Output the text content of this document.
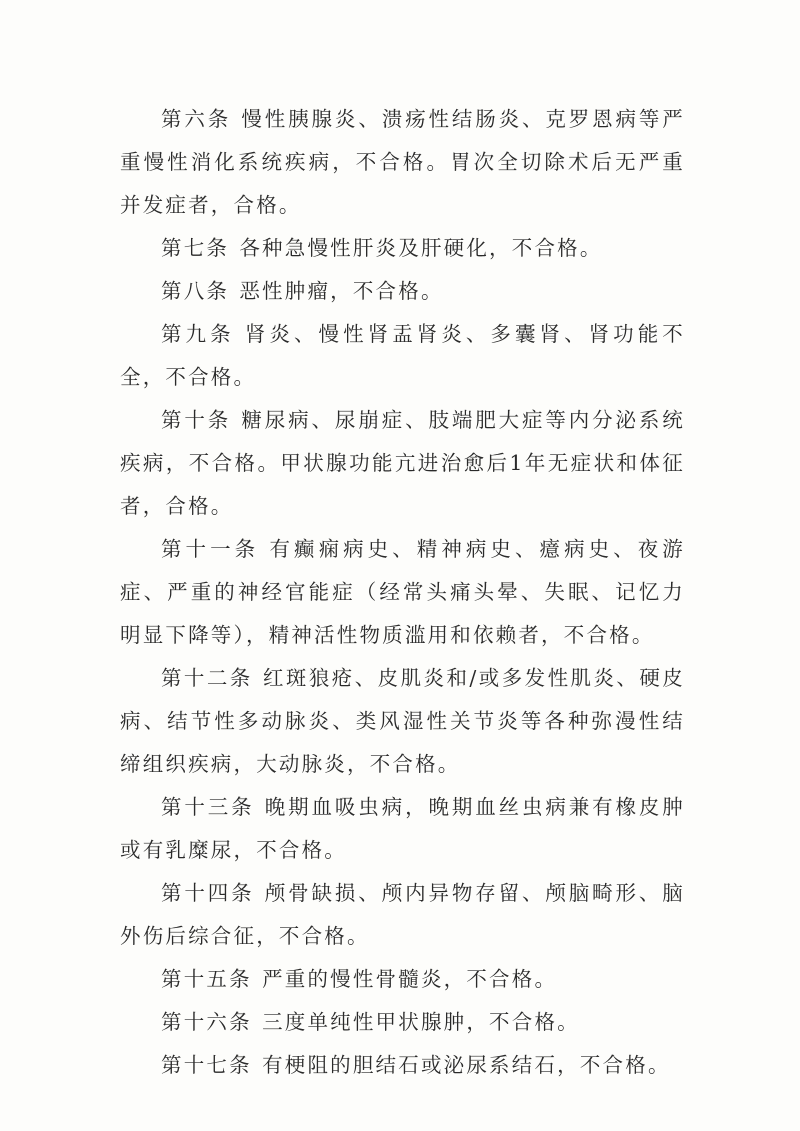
第六条 慢性胰腺炎、溃疡性结肠炎、克罗恩病等严重慢性消化系统疾病，不合格。胃次全切除术后无严重并发症者，合格。

第七条 各种急慢性肝炎及肝硬化，不合格。

第八条 恶性肿瘤，不合格。

第九条 肾炎、慢性肾盂肾炎、多囊肾、肾功能不全，不合格。

第十条 糖尿病、尿崩症、肢端肥大症等内分泌系统疾病，不合格。甲状腺功能亢进治愈后1年无症状和体征者，合格。

第十一条 有癫痫病史、精神病史、癔病史、夜游症、严重的神经官能症（经常头痛头晕、失眠、记忆力明显下降等），精神活性物质滥用和依赖者，不合格。

第十二条 红斑狼疮、皮肌炎和/或多发性肌炎、硬皮病、结节性多动脉炎、类风湿性关节炎等各种弥漫性结缔组织疾病，大动脉炎，不合格。

第十三条 晚期血吸虫病，晚期血丝虫病兼有橡皮肿或有乳糜尿，不合格。

第十四条 颅骨缺损、颅内异物存留、颅脑畸形、脑外伤后综合征，不合格。

第十五条 严重的慢性骨髓炎，不合格。

第十六条 三度单纯性甲状腺肿，不合格。

第十七条 有梗阻的胆结石或泌尿系结石，不合格。
